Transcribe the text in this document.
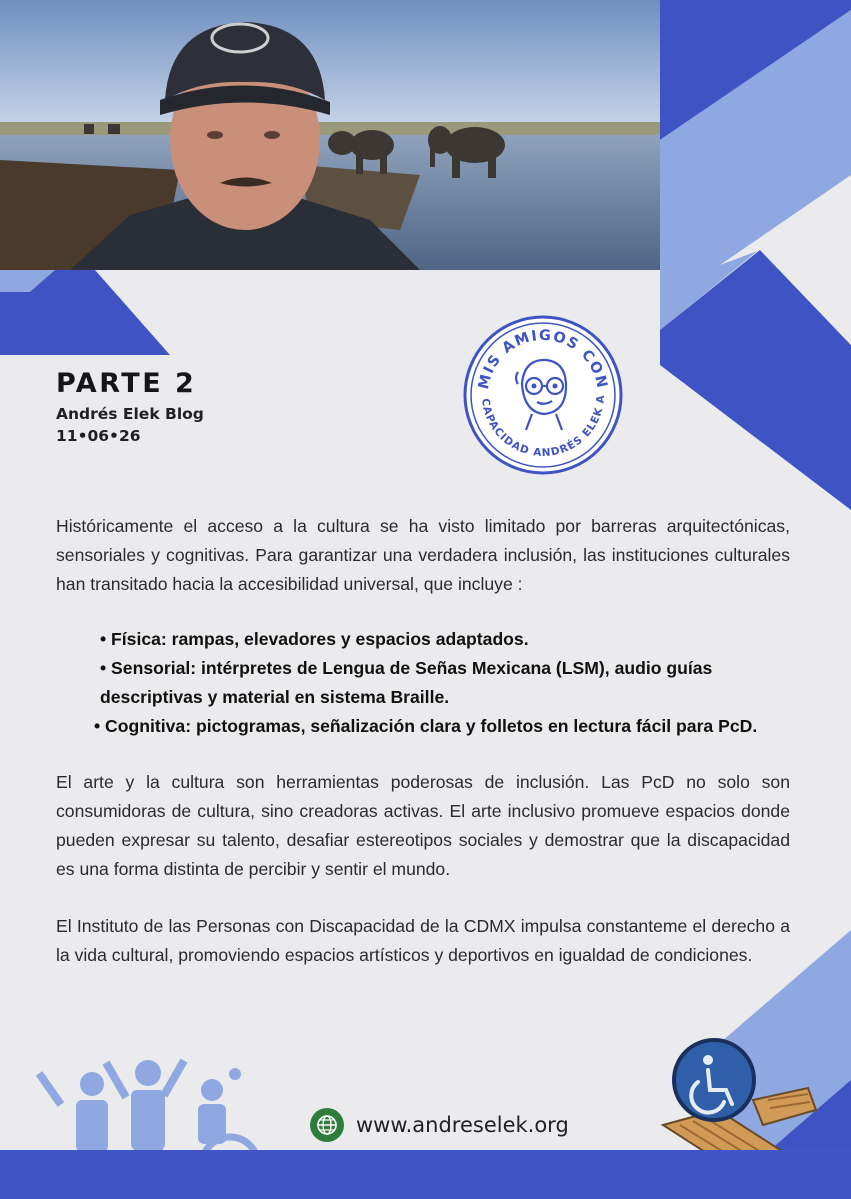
PARTE 2
Andrés Elek Blog
11•06•26
MIS AMIGOS CON
CAPACIDAD ANDRÉS ELEK A

Históricamente el acceso a la cultura se ha visto limitado por barreras arquitectónicas, sensoriales y cognitivas. Para garantizar una verdadera inclusión, las instituciones culturales han transitado hacia la accesibilidad universal, que incluye :

• Física: rampas, elevadores y espacios adaptados.
• Sensorial: intérpretes de Lengua de Señas Mexicana (LSM), audio guías descriptivas y material en sistema Braille.
• Cognitiva: pictogramas, señalización clara y folletos en lectura fácil para PcD.

El arte y la cultura son herramientas poderosas de inclusión. Las PcD no solo son consumidoras de cultura, sino creadoras activas. El arte inclusivo promueve espacios donde pueden expresar su talento, desafiar estereotipos sociales y demostrar que la discapacidad es una forma distinta de percibir y sentir el mundo.

El Instituto de las Personas con Discapacidad de la CDMX impulsa constanteme el derecho a la vida cultural, promoviendo espacios artísticos y deportivos en igualdad de condiciones.

www.andreselek.org
